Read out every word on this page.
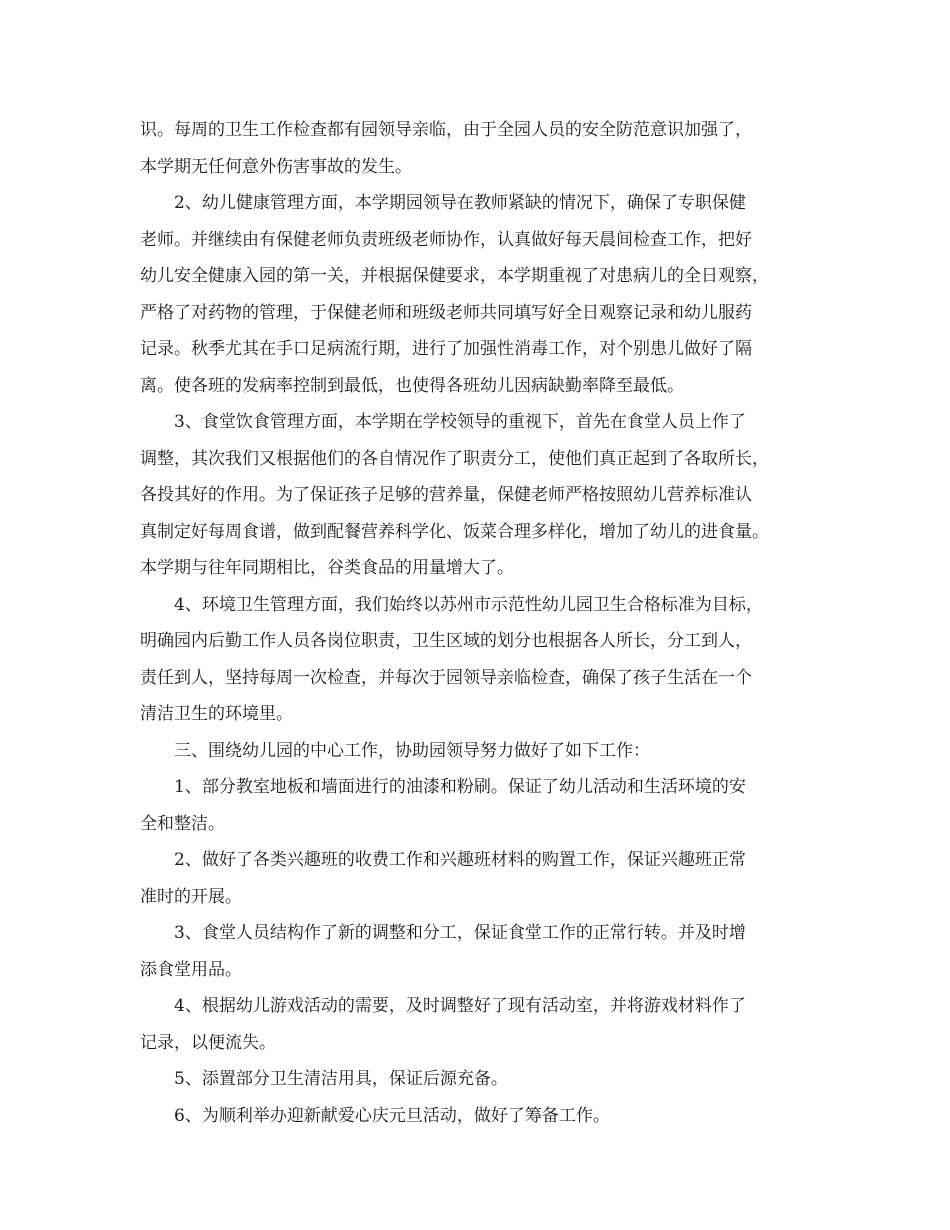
识。每周的卫生工作检查都有园领导亲临，由于全园人员的安全防范意识加强了，
本学期无任何意外伤害事故的发生。
2、幼儿健康管理方面，本学期园领导在教师紧缺的情况下，确保了专职保健
老师。并继续由有保健老师负责班级老师协作，认真做好每天晨间检查工作，把好
幼儿安全健康入园的第一关，并根据保健要求，本学期重视了对患病儿的全日观察，
严格了对药物的管理，于保健老师和班级老师共同填写好全日观察记录和幼儿服药
记录。秋季尤其在手口足病流行期，进行了加强性消毒工作，对个别患儿做好了隔
离。使各班的发病率控制到最低，也使得各班幼儿因病缺勤率降至最低。
3、食堂饮食管理方面，本学期在学校领导的重视下，首先在食堂人员上作了
调整，其次我们又根据他们的各自情况作了职责分工，使他们真正起到了各取所长，
各投其好的作用。为了保证孩子足够的营养量，保健老师严格按照幼儿营养标准认
真制定好每周食谱，做到配餐营养科学化、饭菜合理多样化，增加了幼儿的进食量。
本学期与往年同期相比，谷类食品的用量增大了。
4、环境卫生管理方面，我们始终以苏州市示范性幼儿园卫生合格标准为目标，
明确园内后勤工作人员各岗位职责，卫生区域的划分也根据各人所长，分工到人，
责任到人，坚持每周一次检查，并每次于园领导亲临检查，确保了孩子生活在一个
清洁卫生的环境里。
三、围绕幼儿园的中心工作，协助园领导努力做好了如下工作：
1、部分教室地板和墙面进行的油漆和粉刷。保证了幼儿活动和生活环境的安
全和整洁。
2、做好了各类兴趣班的收费工作和兴趣班材料的购置工作，保证兴趣班正常
准时的开展。
3、食堂人员结构作了新的调整和分工，保证食堂工作的正常行转。并及时增
添食堂用品。
4、根据幼儿游戏活动的需要，及时调整好了现有活动室，并将游戏材料作了
记录，以便流失。
5、添置部分卫生清洁用具，保证后源充备。
6、为顺利举办迎新献爱心庆元旦活动，做好了筹备工作。
